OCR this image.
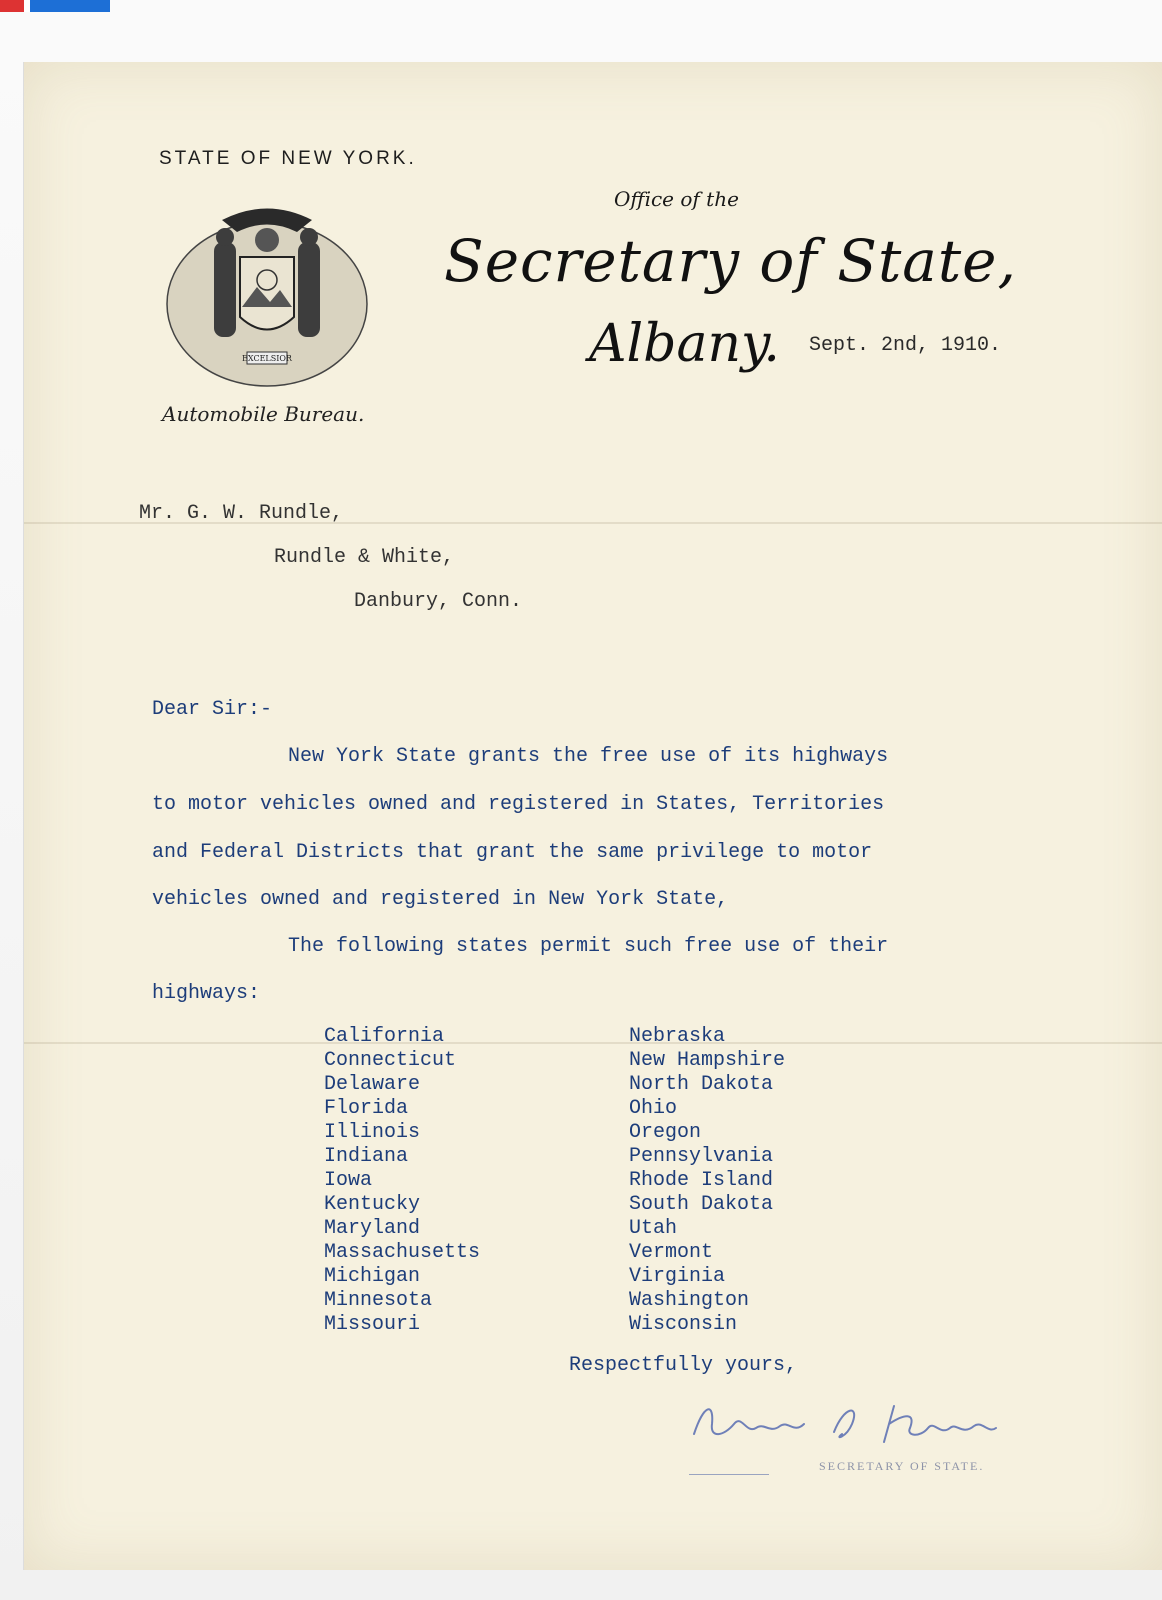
STATE OF NEW YORK.
EXCELSIOR
Automobile Bureau.
Office of the
Secretary of State,
Albany. Sept. 2nd, 1910.
Mr. G. W. Rundle,
Rundle & White,
Danbury, Conn.
Dear Sir:-
New York State grants the free use of its highways
to motor vehicles owned and registered in States, Territories
and Federal Districts that grant the same privilege to motor
vehicles owned and registered in New York State,
The following states permit such free use of their
highways:
California
Connecticut
Delaware
Florida
Illinois
Indiana
Iowa
Kentucky
Maryland
Massachusetts
Michigan
Minnesota
Missouri
Nebraska
New Hampshire
North Dakota
Ohio
Oregon
Pennsylvania
Rhode Island
South Dakota
Utah
Vermont
Virginia
Washington
Wisconsin
Respectfully yours,
SECRETARY OF STATE.
